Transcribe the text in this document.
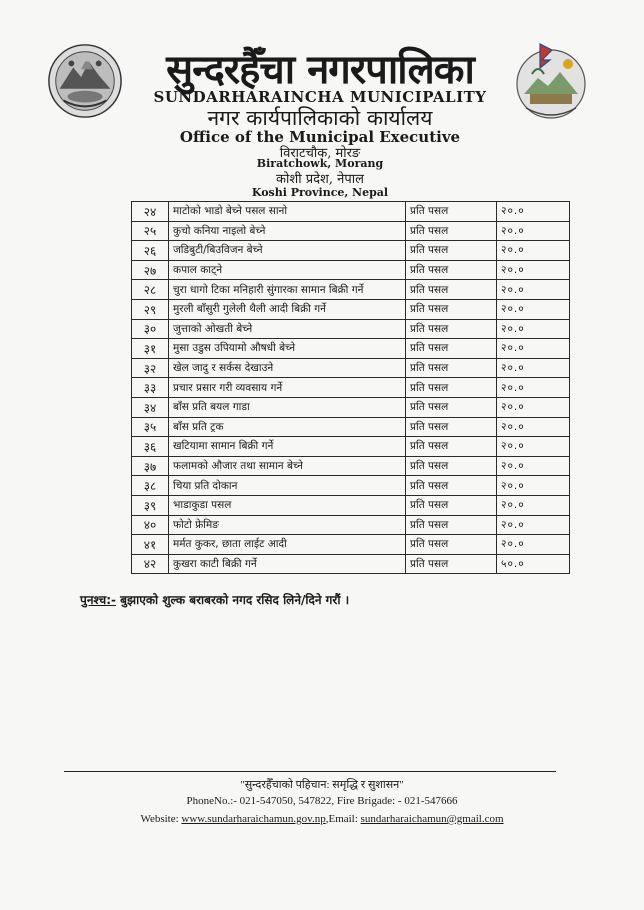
सुन्दरहैँचा नगरपालिका
SUNDARHARAINCHA MUNICIPALITY
नगर कार्यपालिकाको कार्यालय
Office of the Municipal Executive
विराटचौक, मोरङ
Biratchowk, Morang
कोशी प्रदेश, नेपाल
Koshi Province, Nepal
२४	माटोको भाडो बेच्ने पसल सानो	प्रति पसल	२०.०
२५	कुचो कनिया नाइलो बेच्ने	प्रति पसल	२०.०
२६	जडिबुटी/बिउविजन बेच्ने	प्रति पसल	२०.०
२७	कपाल काट्ने	प्रति पसल	२०.०
२८	चुरा धागो टिका मनिहारी सुंगारका सामान बिक्री गर्ने	प्रति पसल	२०.०
२९	मुरली बाँसुरी गुलेली थैली आदी बिक्री गर्ने	प्रति पसल	२०.०
३०	जुत्ताको ओखती बेच्ने	प्रति पसल	२०.०
३१	मुसा उडुस उपियामो औषधी बेच्ने	प्रति पसल	२०.०
३२	खेल जादु र सर्कस देखाउने	प्रति पसल	२०.०
३३	प्रचार प्रसार गरी व्यवसाय गर्ने	प्रति पसल	२०.०
३४	बाँस प्रति बयल गाडा	प्रति पसल	२०.०
३५	बाँस प्रति ट्रक	प्रति पसल	२०.०
३६	खटियामा सामान बिक्री गर्ने	प्रति पसल	२०.०
३७	फलामको औजार तथा सामान बेच्ने	प्रति पसल	२०.०
३८	चिया प्रति दोकान	प्रति पसल	२०.०
३९	भाडाकुडा पसल	प्रति पसल	२०.०
४०	फोटो फ्रेमिङ	प्रति पसल	२०.०
४१	मर्मत कुकर, छाता लाईट आदी	प्रति पसल	२०.०
४२	कुखरा काटी बिक्री गर्ने	प्रति पसल	५०.०
पुनश्च:- बुझाएको शुल्क बराबरको नगद रसिद लिने/दिने गरौं ।
"सुन्दरहैँचाको पहिचान: समृद्धि र सुशासन"
PhoneNo.:- 021-547050, 547822, Fire Brigade: - 021-547666
Website: www.sundarharaichamun.gov.np,Email: sundarharaichamun@gmail.com
